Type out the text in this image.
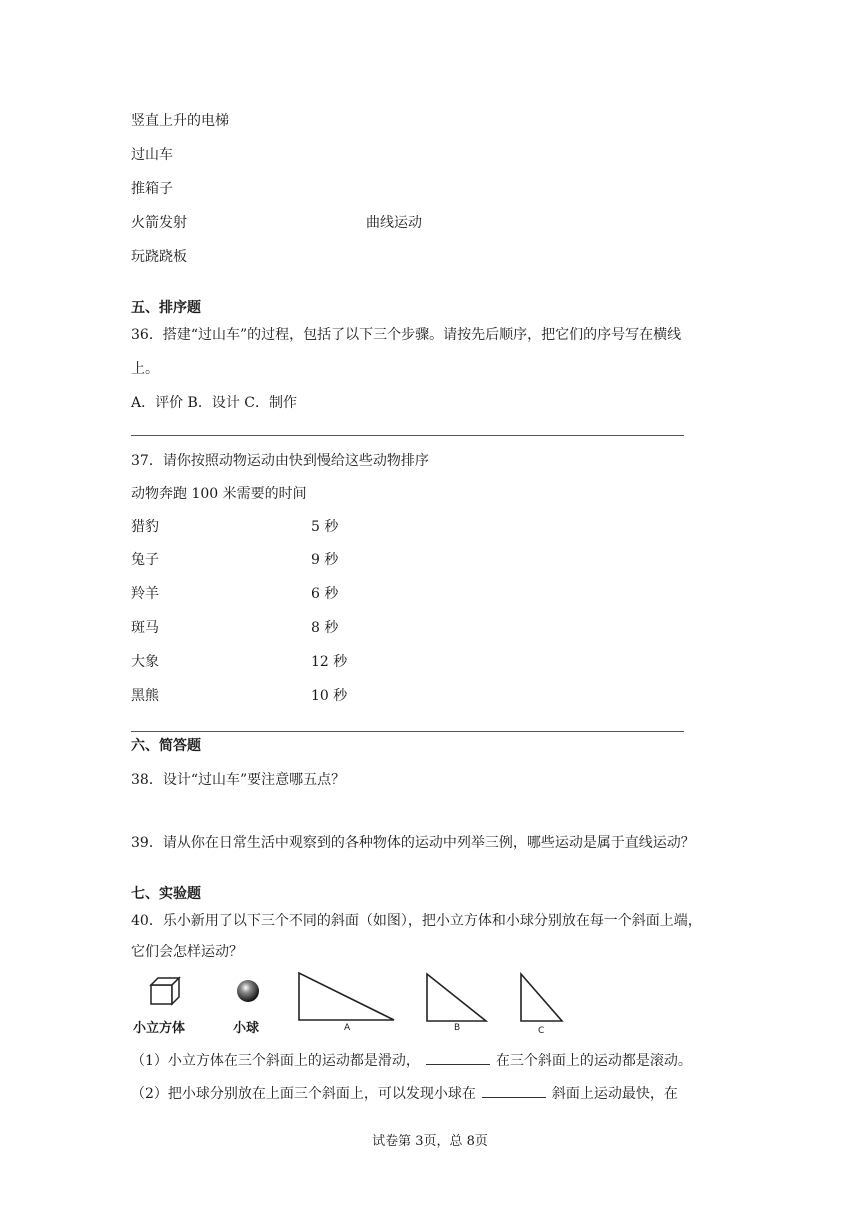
竖直上升的电梯
过山车
推箱子
火箭发射	曲线运动
玩跷跷板
五、排序题
36．搭建“过山车”的过程，包括了以下三个步骤。请按先后顺序，把它们的序号写在横线
上。
A．评价 B．设计 C．制作
37．请你按照动物运动由快到慢给这些动物排序
动物奔跑 100 米需要的时间
猎豹	5 秒
兔子	9 秒
羚羊	6 秒
斑马	8 秒
大象	12 秒
黑熊	10 秒
六、简答题
38．设计“过山车”要注意哪五点？
39．请从你在日常生活中观察到的各种物体的运动中列举三例，哪些运动是属于直线运动？
七、实验题
40．乐小新用了以下三个不同的斜面（如图），把小立方体和小球分别放在每一个斜面上端，
它们会怎样运动？
小立方体	小球	A	B	C
（1）小立方体在三个斜面上的运动都是滑动，	在三个斜面上的运动都是滚动。
（2）把小球分别放在上面三个斜面上，可以发现小球在	斜面上运动最快，在
试卷第 3页，总 8页
